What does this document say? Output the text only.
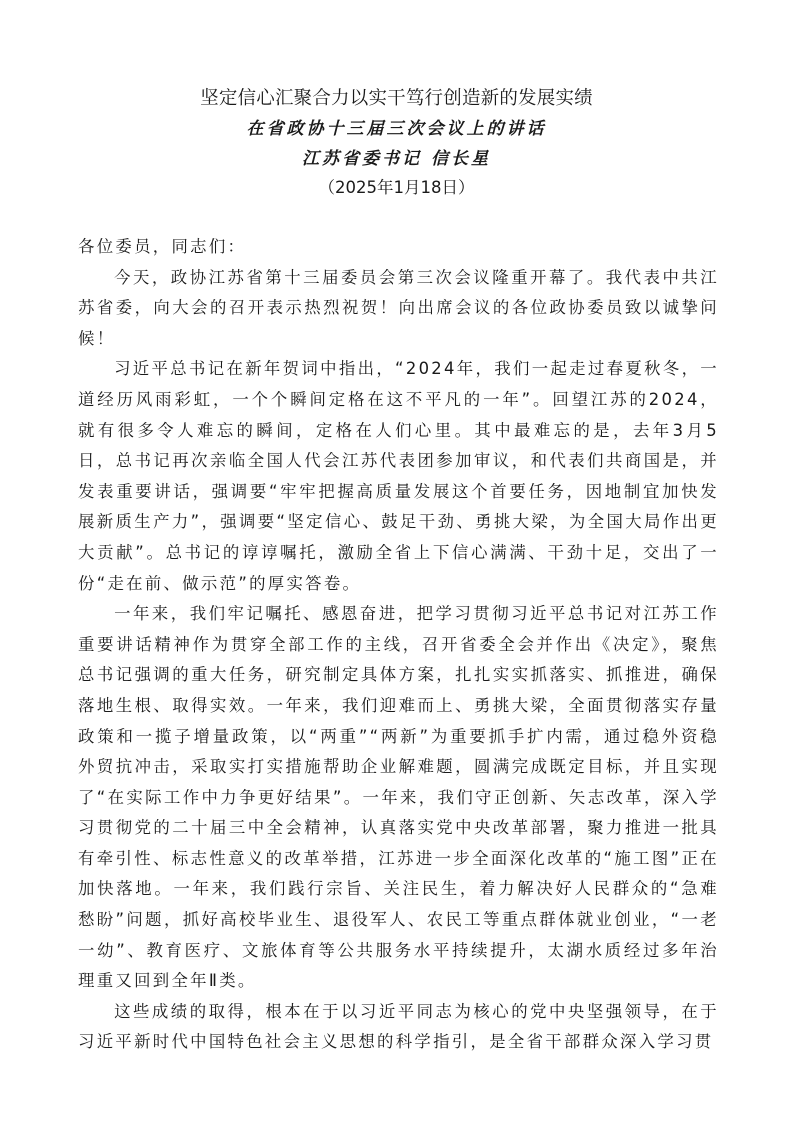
坚定信心汇聚合力以实干笃行创造新的发展实绩
在省政协十三届三次会议上的讲话
江苏省委书记 信长星
（2025年1月18日）

各位委员，同志们：

今天，政协江苏省第十三届委员会第三次会议隆重开幕了。我代表中共江苏省委，向大会的召开表示热烈祝贺！向出席会议的各位政协委员致以诚挚问候！

习近平总书记在新年贺词中指出，“2024年，我们一起走过春夏秋冬，一道经历风雨彩虹，一个个瞬间定格在这不平凡的一年”。回望江苏的2024，就有很多令人难忘的瞬间，定格在人们心里。其中最难忘的是，去年3月5日，总书记再次亲临全国人代会江苏代表团参加审议，和代表们共商国是，并发表重要讲话，强调要“牢牢把握高质量发展这个首要任务，因地制宜加快发展新质生产力”，强调要“坚定信心、鼓足干劲、勇挑大梁，为全国大局作出更大贡献”。总书记的谆谆嘱托，激励全省上下信心满满、干劲十足，交出了一份“走在前、做示范”的厚实答卷。

一年来，我们牢记嘱托、感恩奋进，把学习贯彻习近平总书记对江苏工作重要讲话精神作为贯穿全部工作的主线，召开省委全会并作出《决定》，聚焦总书记强调的重大任务，研究制定具体方案，扎扎实实抓落实、抓推进，确保落地生根、取得实效。一年来，我们迎难而上、勇挑大梁，全面贯彻落实存量政策和一揽子增量政策，以“两重”“两新”为重要抓手扩内需，通过稳外资稳外贸抗冲击，采取实打实措施帮助企业解难题，圆满完成既定目标，并且实现了“在实际工作中力争更好结果”。一年来，我们守正创新、矢志改革，深入学习贯彻党的二十届三中全会精神，认真落实党中央改革部署，聚力推进一批具有牵引性、标志性意义的改革举措，江苏进一步全面深化改革的“施工图”正在加快落地。一年来，我们践行宗旨、关注民生，着力解决好人民群众的“急难愁盼”问题，抓好高校毕业生、退役军人、农民工等重点群体就业创业，“一老一幼”、教育医疗、文旅体育等公共服务水平持续提升，太湖水质经过多年治理重又回到全年Ⅱ类。

这些成绩的取得，根本在于以习近平同志为核心的党中央坚强领导，在于习近平新时代中国特色社会主义思想的科学指引，是全省干部群众深入学习贯
